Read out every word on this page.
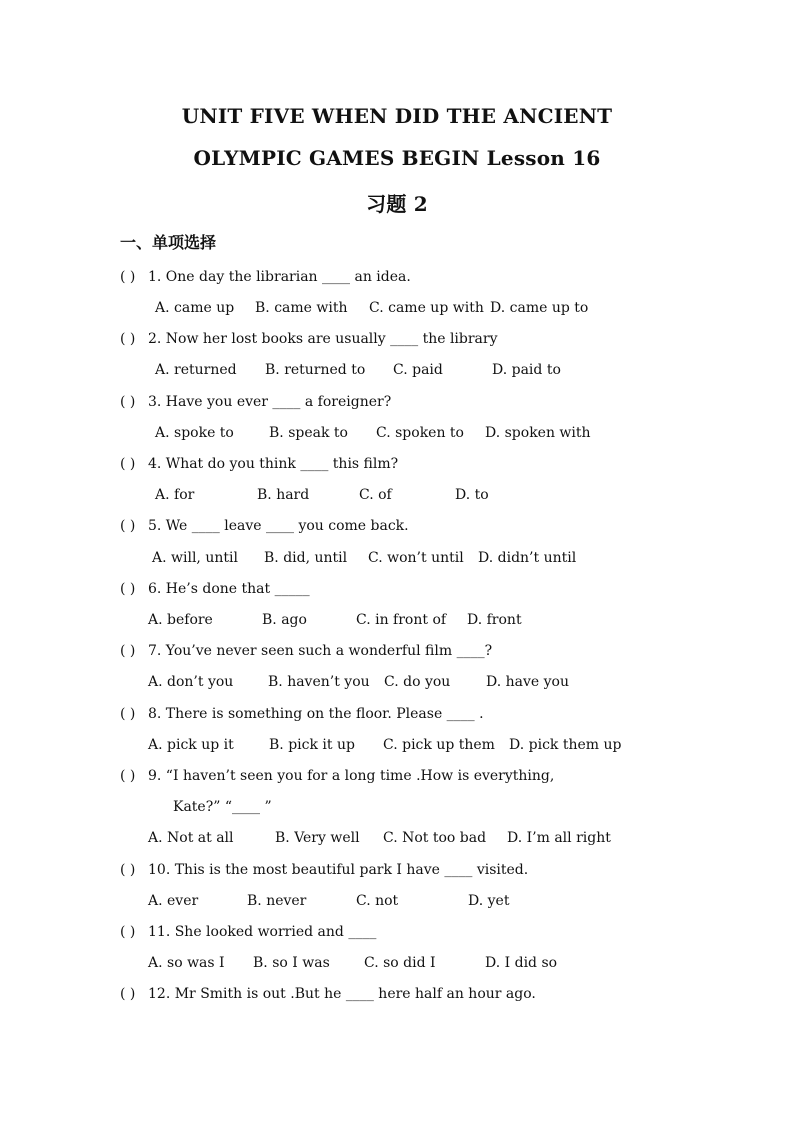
UNIT FIVE WHEN DID THE ANCIENT
OLYMPIC GAMES BEGIN Lesson 16
习题 2
一、单项选择
( ) 1. One day the librarian ____ an idea.
A. came up B. came with C. came up with D. came up to
( ) 2. Now her lost books are usually ____ the library
A. returned B. returned to C. paid	D. paid to
( ) 3. Have you ever ____ a foreigner?
A. spoke to	B. speak to C. spoken to D. spoken with
( ) 4. What do you think ____ this film?
A. for	B. hard	C. of	D. to
( ) 5. We ____ leave ____ you come back.
A. will, until B. did, until C. won’t until D. didn’t until
( ) 6. He’s done that _____
A. before	B. ago	C. in front of D. front
( ) 7. You’ve never seen such a wonderful film ____?
A. don’t you B. haven’t you C. do you	D. have you
( ) 8. There is something on the floor. Please ____ .
A. pick up it	B. pick it up C. pick up them D. pick them up
( ) 9. “I haven’t seen you for a long time .How is everything,
Kate?” “____ ”
A. Not at all	B. Very well C. Not too bad D. I’m all right
( ) 10. This is the most beautiful park I have ____ visited.
A. ever	B. never	C. not	D. yet
( ) 11. She looked worried and ____
A. so was I B. so I was C. so did I	D. I did so
( ) 12. Mr Smith is out .But he ____ here half an hour ago.
